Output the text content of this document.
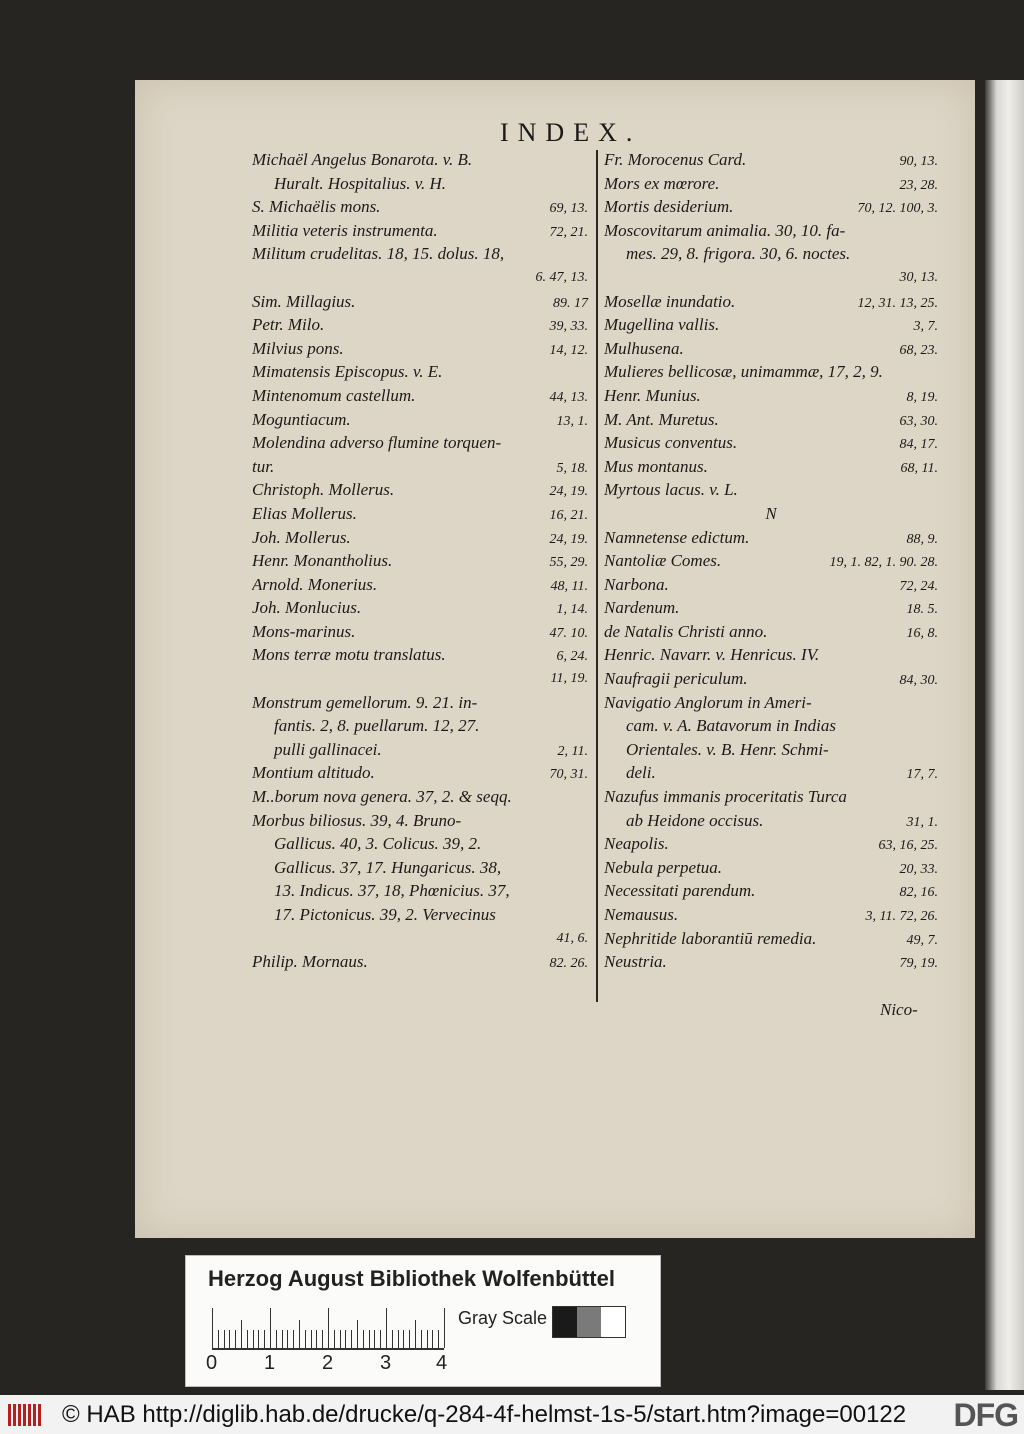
INDEX.
Michaël Angelus Bonarota. v. B.
Huralt. Hospitalius. v. H.
S. Michaëlis mons.	69, 13.
Militia veteris instrumenta.	72, 21.
Militum crudelitas. 18, 15. dolus. 18,
6. 47, 13.
Sim. Millagius.	89. 17
Petr. Milo.	39, 33.
Milvius pons.	14, 12.
Mimatensis Episcopus. v. E.
Mintenomum castellum.	44, 13.
Moguntiacum.	13, 1.
Molendina adverso flumine torquen-
tur.	5, 18.
Christoph. Mollerus.	24, 19.
Elias Mollerus.	16, 21.
Joh. Mollerus.	24, 19.
Henr. Monantholius.	55, 29.
Arnold. Monerius.	48, 11.
Joh. Monlucius.	1, 14.
Mons-marinus.	47. 10.
Mons terræ motu translatus.	6, 24.
11, 19.
Monstrum gemellorum. 9. 21. in-
fantis. 2, 8. puellarum. 12, 27.
pulli gallinacei.	2, 11.
Montium altitudo.	70, 31.
M..borum nova genera. 37, 2. & seqq.
Morbus biliosus. 39, 4. Bruno-
Gallicus. 40, 3. Colicus. 39, 2.
Gallicus. 37, 17. Hungaricus. 38,
13. Indicus. 37, 18, Phœnicius. 37,
17. Pictonicus. 39, 2. Vervecinus
41, 6.
Philip. Mornaus.	82. 26.
Fr. Morocenus Card.	90, 13.
Mors ex mœrore.	23, 28.
Mortis desiderium.	70, 12. 100, 3.
Moscovitarum animalia. 30, 10. fa-
mes. 29, 8. frigora. 30, 6. noctes.
30, 13.
Mosellæ inundatio.	12, 31. 13, 25.
Mugellina vallis.	3, 7.
Mulhusena.	68, 23.
Mulieres bellicosæ, unimammæ, 17, 2, 9.
Henr. Munius.	8, 19.
M. Ant. Muretus.	63, 30.
Musicus conventus.	84, 17.
Mus montanus.	68, 11.
Myrtous lacus. v. L.
N
Namnetense edictum.	88, 9.
Nantoliæ Comes.	19, 1. 82, 1. 90. 28.
Narbona.	72, 24.
Nardenum.	18. 5.
de Natalis Christi anno.	16, 8.
Henric. Navarr. v. Henricus. IV.
Naufragii periculum.	84, 30.
Navigatio Anglorum in Ameri-
cam. v. A. Batavorum in Indias
Orientales. v. B. Henr. Schmi-
deli.	17, 7.
Nazufus immanis proceritatis Turca
ab Heidone occisus.	31, 1.
Neapolis.	63, 16, 25.
Nebula perpetua.	20, 33.
Necessitati parendum.	82, 16.
Nemausus.	3, 11. 72, 26.
Nephritide laborantiū remedia.	49, 7.
Neustria.	79, 19.
Nico-
Herzog August Bibliothek Wolfenbüttel
0 1 2 3 4
Gray Scale
© HAB http://diglib.hab.de/drucke/q-284-4f-helmst-1s-5/start.htm?image=00122 DFG
